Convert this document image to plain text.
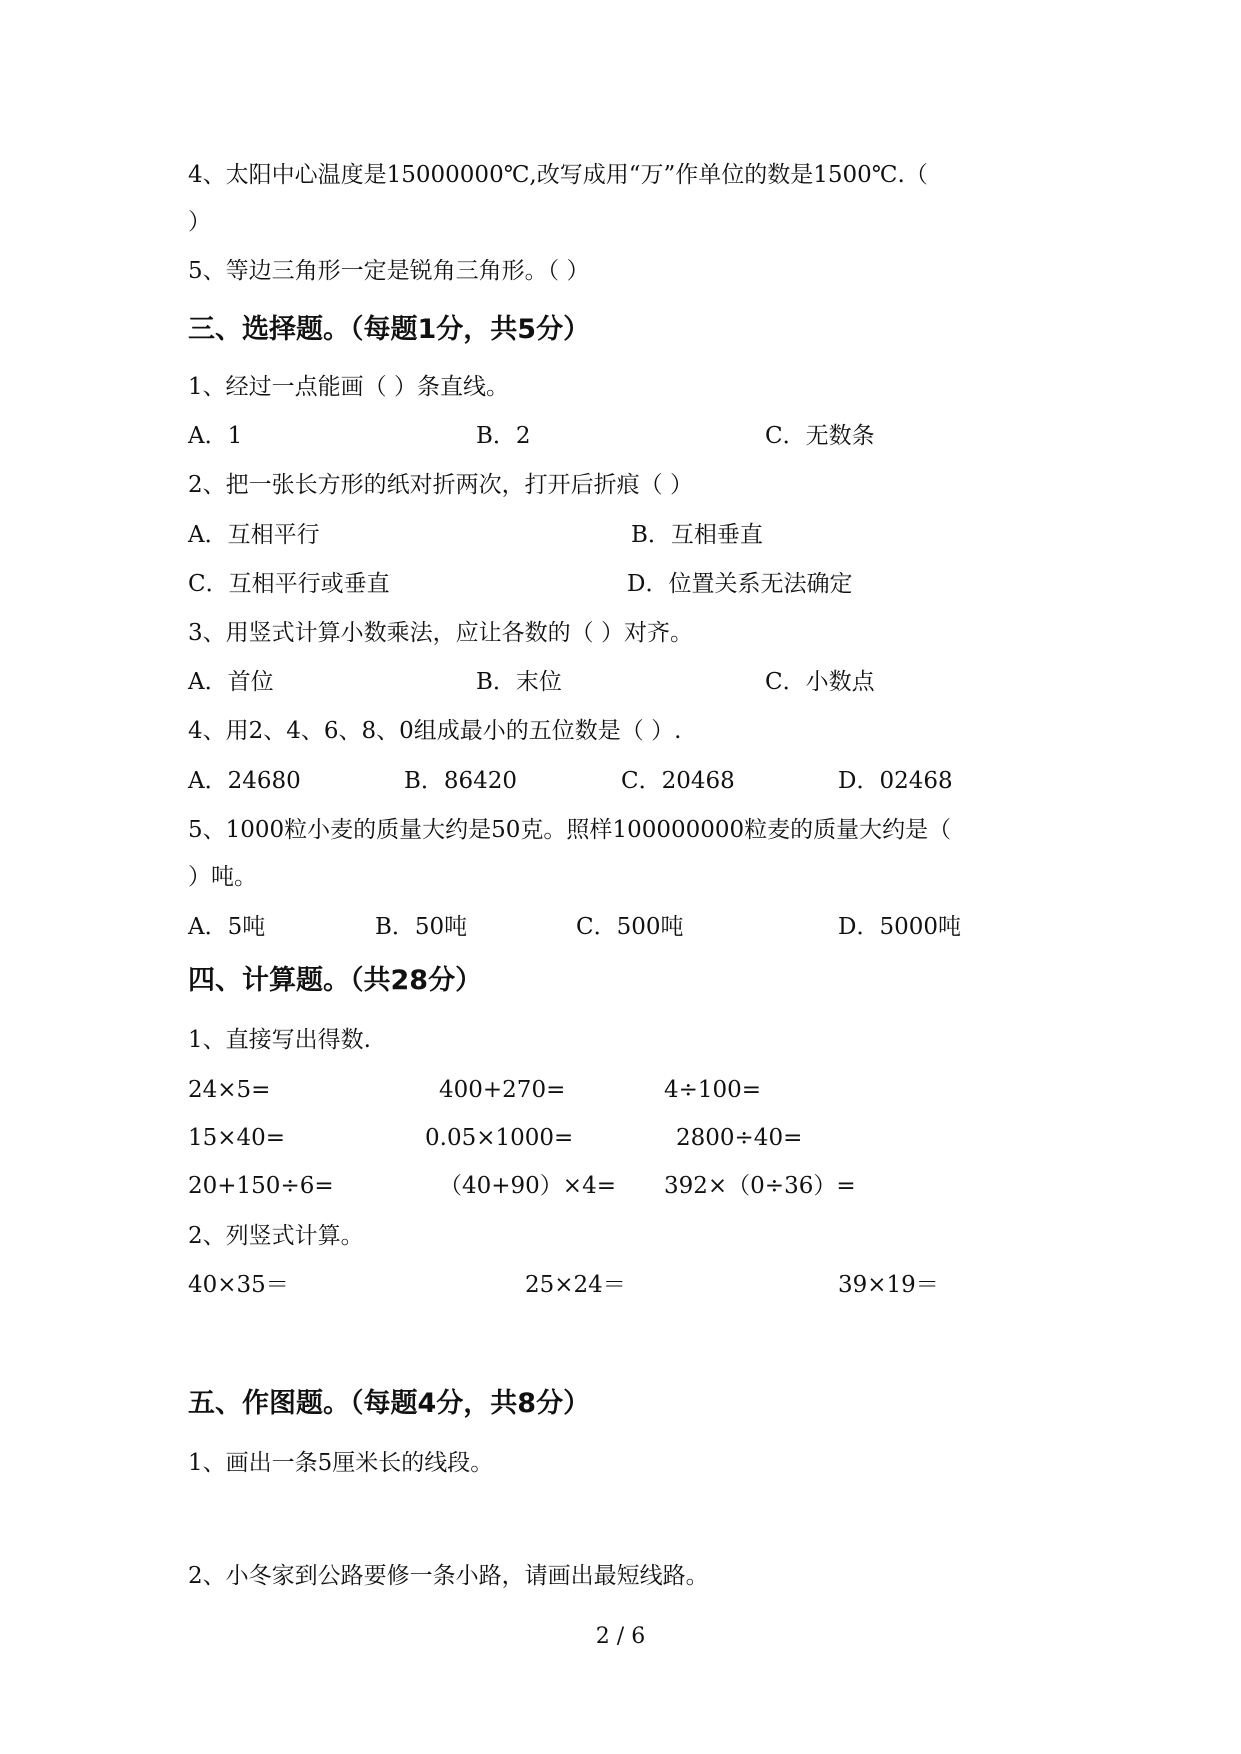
4、太阳中心温度是15000000℃,改写成用“万”作单位的数是1500℃.（
）
5、等边三角形一定是锐角三角形。（ ）
三、选择题。（每题1分，共5分）
1、经过一点能画（ ）条直线。
A．1	B．2	C．无数条
2、把一张长方形的纸对折两次，打开后折痕（ ）
A．互相平行	B．互相垂直
C．互相平行或垂直	D．位置关系无法确定
3、用竖式计算小数乘法，应让各数的（ ）对齐。
A．首位	B．末位	C．小数点
4、用2、4、6、8、0组成最小的五位数是（ ）.
A．24680	B．86420	C．20468	D．02468
5、1000粒小麦的质量大约是50克。照样100000000粒麦的质量大约是（
）吨。
A．5吨	B．50吨	C．500吨	D．5000吨
四、计算题。（共28分）
1、直接写出得数.
24×5=	400+270=	4÷100=
15×40=	0.05×1000=	2800÷40=
20+150÷6=	（40+90）×4= 392×（0÷36）=
2、列竖式计算。
40×35＝	25×24＝	39×19＝
五、作图题。（每题4分，共8分）
1、画出一条5厘米长的线段。
2、小冬家到公路要修一条小路，请画出最短线路。
2 / 6
